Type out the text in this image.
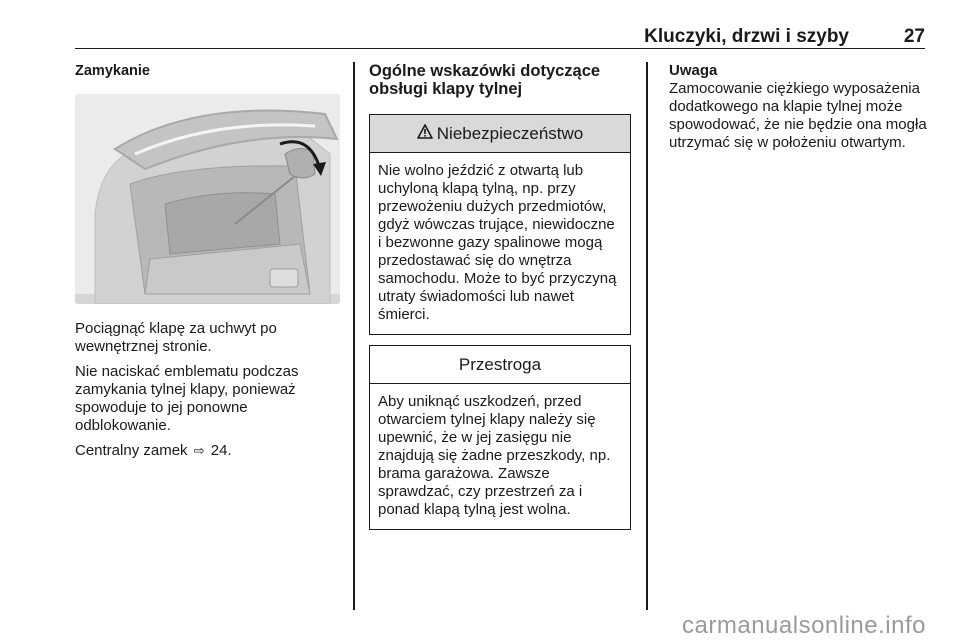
Kluczyki, drzwi i szyby	27
Zamykanie

Pociągnąć klapę za uchwyt po wewnętrznej stronie.

Nie naciskać emblematu podczas zamykania tylnej klapy, ponieważ spowoduje to jej ponowne odblokowanie.

Centralny zamek ⇨ 24.

Ogólne wskazówki dotyczące obsługi klapy tylnej
Niebezpieczeństwo

Nie wolno jeździć z otwartą lub uchyloną klapą tylną, np. przy przewożeniu dużych przedmiotów, gdyż wówczas trujące, niewidoczne i bezwonne gazy spalinowe mogą przedostawać się do wnętrza samochodu. Może to być przyczyną utraty świadomości lub nawet śmierci.

Przestroga

Aby uniknąć uszkodzeń, przed otwarciem tylnej klapy należy się upewnić, że w jej zasięgu nie znajdują się żadne przeszkody, np. brama garażowa. Zawsze sprawdzać, czy przestrzeń za i ponad klapą tylną jest wolna.

Uwaga

Zamocowanie ciężkiego wyposażenia dodatkowego na klapie tylnej może spowodować, że nie będzie ona mogła utrzymać się w położeniu otwartym.

carmanualsonline.info
